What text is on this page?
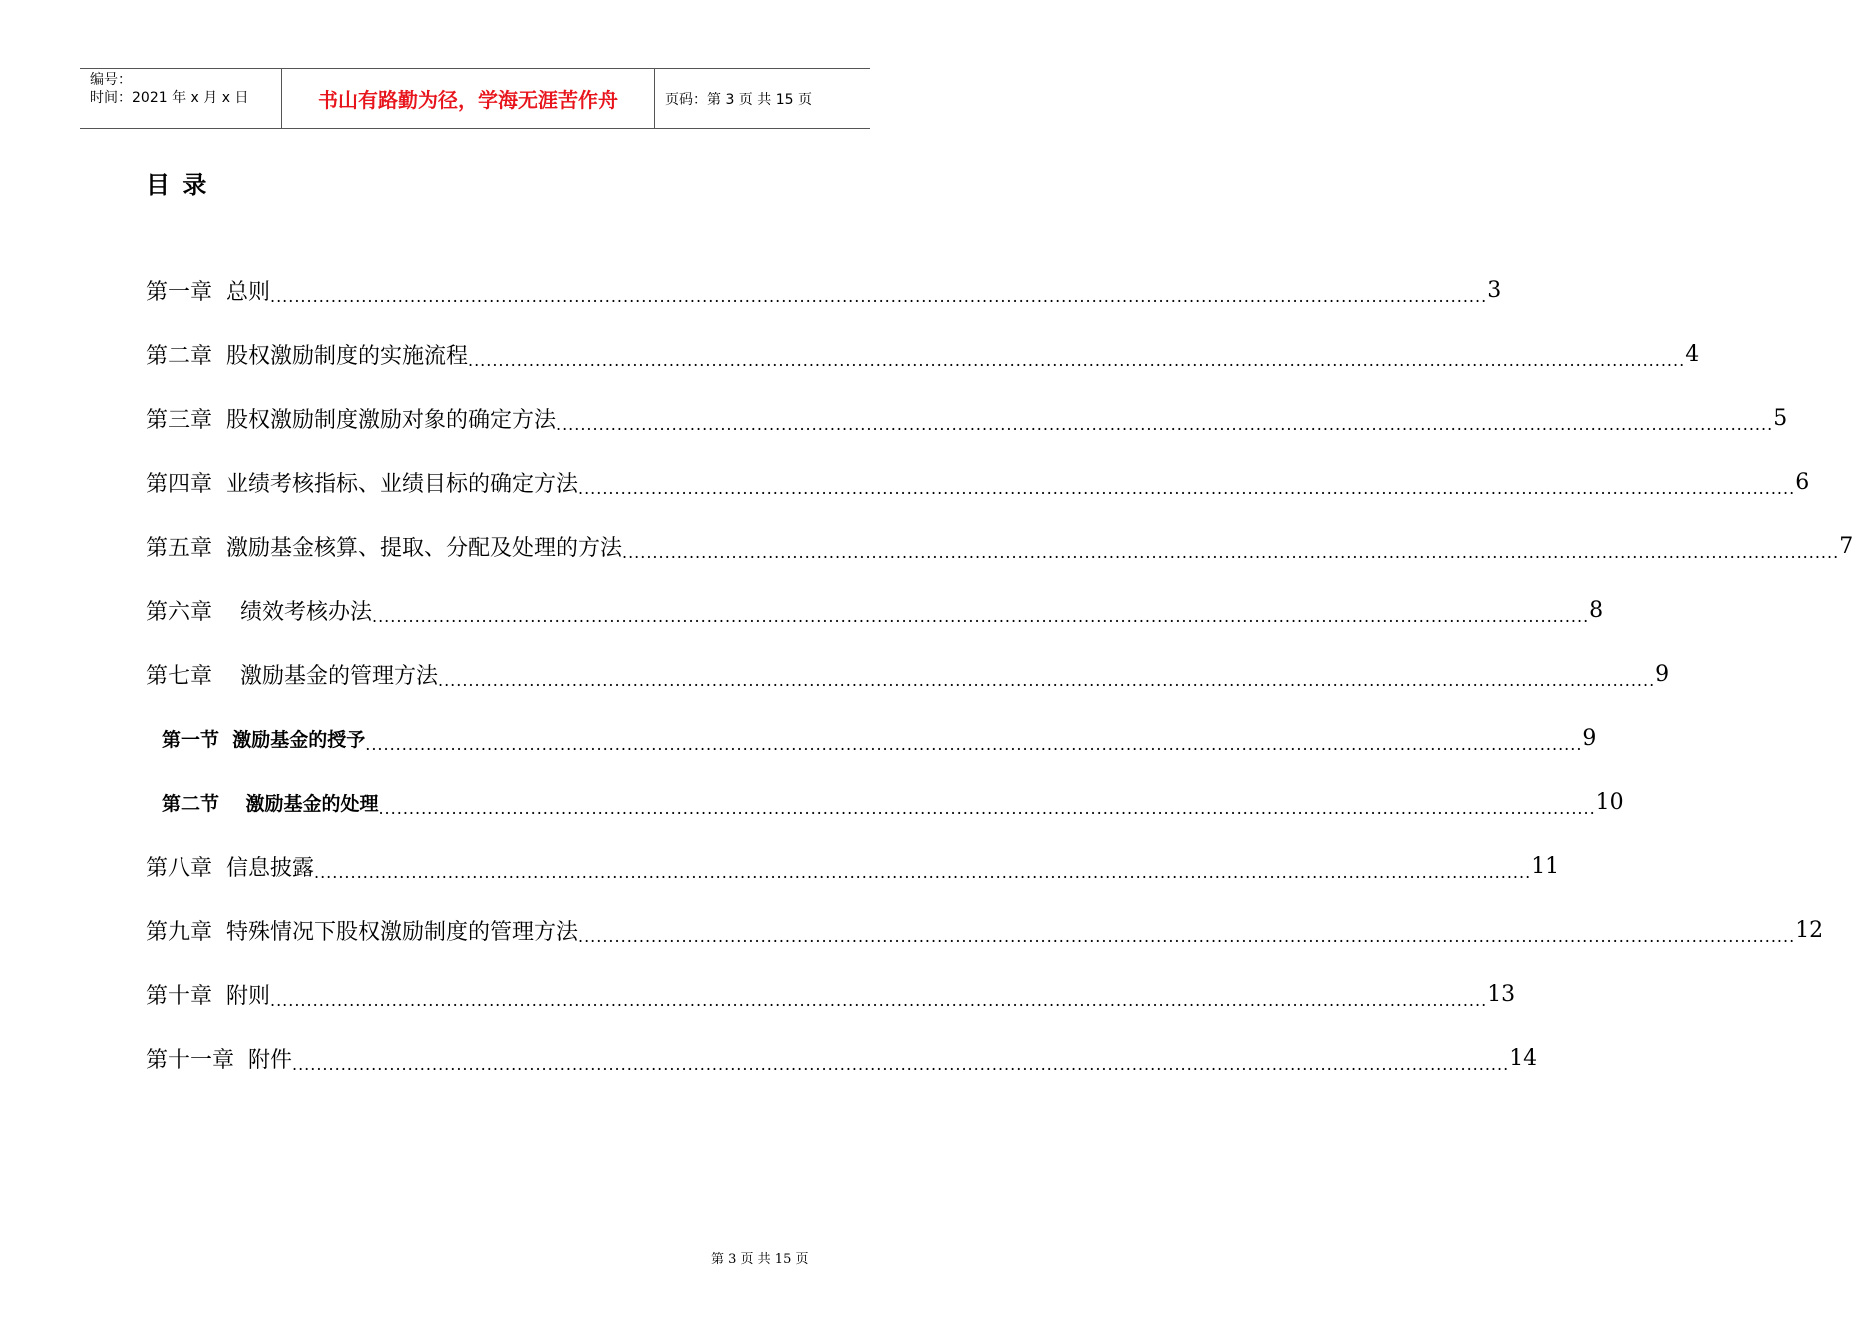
编号：
时间：2021 年 x 月 x 日	书山有路勤为径，学海无涯苦作舟	页码：第 3 页 共 15 页
目 录
第一章  总则 ........................................................................................................................................................................................................ 3
第二章  股权激励制度的实施流程 ........................................................................................................................................................................................................ 4
第三章  股权激励制度激励对象的确定方法 ........................................................................................................................................................................................................ 5
第四章  业绩考核指标、业绩目标的确定方法 ........................................................................................................................................................................................................ 6
第五章  激励基金核算、提取、分配及处理的方法 ........................................................................................................................................................................................................ 7
第六章    绩效考核办法 ........................................................................................................................................................................................................ 8
第七章    激励基金的管理方法 ........................................................................................................................................................................................................ 9
第一节  激励基金的授予 ........................................................................................................................................................................................................ 9
第二节    激励基金的处理 ........................................................................................................................................................................................................ 10
第八章  信息披露 ........................................................................................................................................................................................................ 11
第九章  特殊情况下股权激励制度的管理方法 ........................................................................................................................................................................................................ 12
第十章  附则 ........................................................................................................................................................................................................ 13
第十一章  附件 ........................................................................................................................................................................................................ 14
第 3 页 共 15 页
